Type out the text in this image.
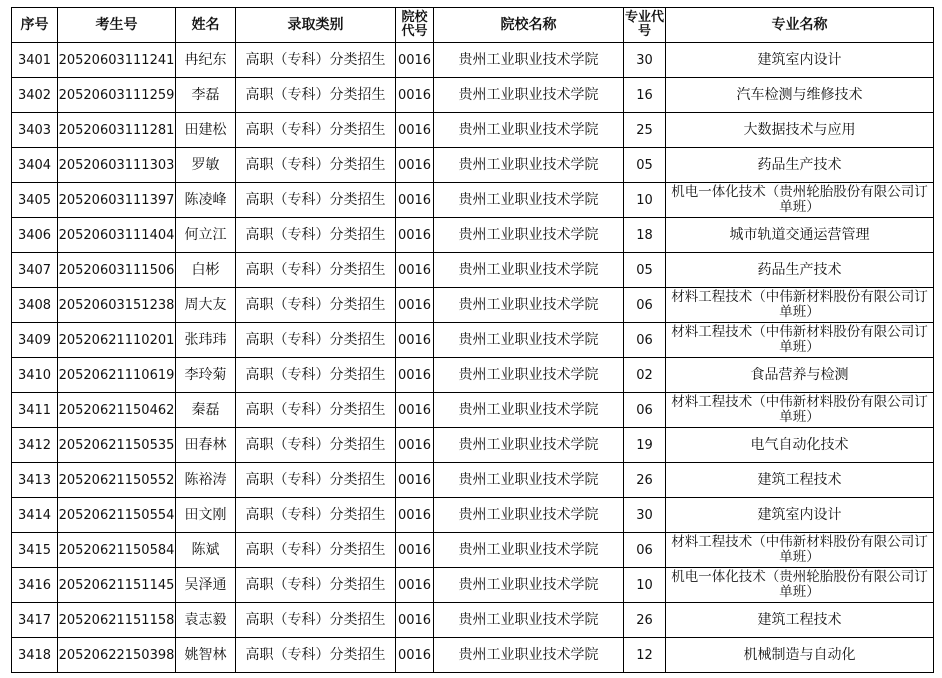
序号	考生号	姓名	录取类别	院校代号	院校名称	专业代号	专业名称
3401	20520603111241	冉纪东	高职（专科）分类招生	0016	贵州工业职业技术学院	30	建筑室内设计
3402	20520603111259	李磊	高职（专科）分类招生	0016	贵州工业职业技术学院	16	汽车检测与维修技术
3403	20520603111281	田建松	高职（专科）分类招生	0016	贵州工业职业技术学院	25	大数据技术与应用
3404	20520603111303	罗敏	高职（专科）分类招生	0016	贵州工业职业技术学院	05	药品生产技术
3405	20520603111397	陈凌峰	高职（专科）分类招生	0016	贵州工业职业技术学院	10	机电一体化技术（贵州轮胎股份有限公司订单班）
3406	20520603111404	何立江	高职（专科）分类招生	0016	贵州工业职业技术学院	18	城市轨道交通运营管理
3407	20520603111506	白彬	高职（专科）分类招生	0016	贵州工业职业技术学院	05	药品生产技术
3408	20520603151238	周大友	高职（专科）分类招生	0016	贵州工业职业技术学院	06	材料工程技术（中伟新材料股份有限公司订单班）
3409	20520621110201	张玮玮	高职（专科）分类招生	0016	贵州工业职业技术学院	06	材料工程技术（中伟新材料股份有限公司订单班）
3410	20520621110619	李玲菊	高职（专科）分类招生	0016	贵州工业职业技术学院	02	食品营养与检测
3411	20520621150462	秦磊	高职（专科）分类招生	0016	贵州工业职业技术学院	06	材料工程技术（中伟新材料股份有限公司订单班）
3412	20520621150535	田春林	高职（专科）分类招生	0016	贵州工业职业技术学院	19	电气自动化技术
3413	20520621150552	陈裕涛	高职（专科）分类招生	0016	贵州工业职业技术学院	26	建筑工程技术
3414	20520621150554	田文刚	高职（专科）分类招生	0016	贵州工业职业技术学院	30	建筑室内设计
3415	20520621150584	陈斌	高职（专科）分类招生	0016	贵州工业职业技术学院	06	材料工程技术（中伟新材料股份有限公司订单班）
3416	20520621151145	吴泽通	高职（专科）分类招生	0016	贵州工业职业技术学院	10	机电一体化技术（贵州轮胎股份有限公司订单班）
3417	20520621151158	袁志毅	高职（专科）分类招生	0016	贵州工业职业技术学院	26	建筑工程技术
3418	20520622150398	姚智林	高职（专科）分类招生	0016	贵州工业职业技术学院	12	机械制造与自动化
